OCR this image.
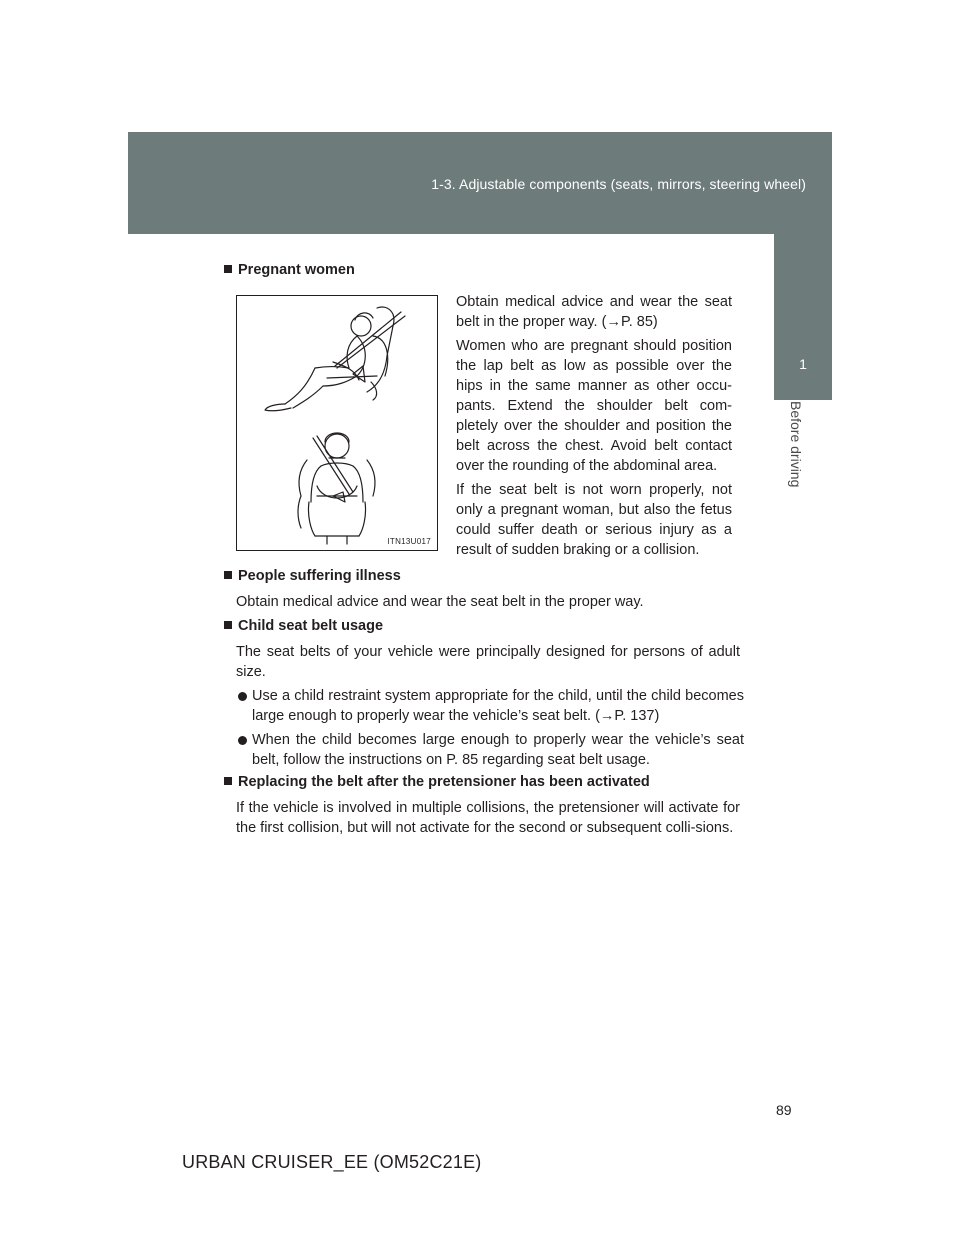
1-3. Adjustable components (seats, mirrors, steering wheel)
1
Before driving
Pregnant women
ITN13U017
Obtain medical advice and wear the seat belt in the proper way. (→P. 85)
Women who are pregnant should position the lap belt as low as possible over the hips in the same manner as other occu-pants. Extend the shoulder belt com-pletely over the shoulder and position the belt across the chest. Avoid belt contact over the rounding of the abdominal area.
If the seat belt is not worn properly, not only a pregnant woman, but also the fetus could suffer death or serious injury as a result of sudden braking or a collision.
People suffering illness
Obtain medical advice and wear the seat belt in the proper way.
Child seat belt usage
The seat belts of your vehicle were principally designed for persons of adult size.
Use a child restraint system appropriate for the child, until the child becomes large enough to properly wear the vehicle’s seat belt. (→P. 137)
When the child becomes large enough to properly wear the vehicle’s seat belt, follow the instructions on P. 85 regarding seat belt usage.
Replacing the belt after the pretensioner has been activated
If the vehicle is involved in multiple collisions, the pretensioner will activate for the first collision, but will not activate for the second or subsequent colli-sions.
89
URBAN CRUISER_EE (OM52C21E)
